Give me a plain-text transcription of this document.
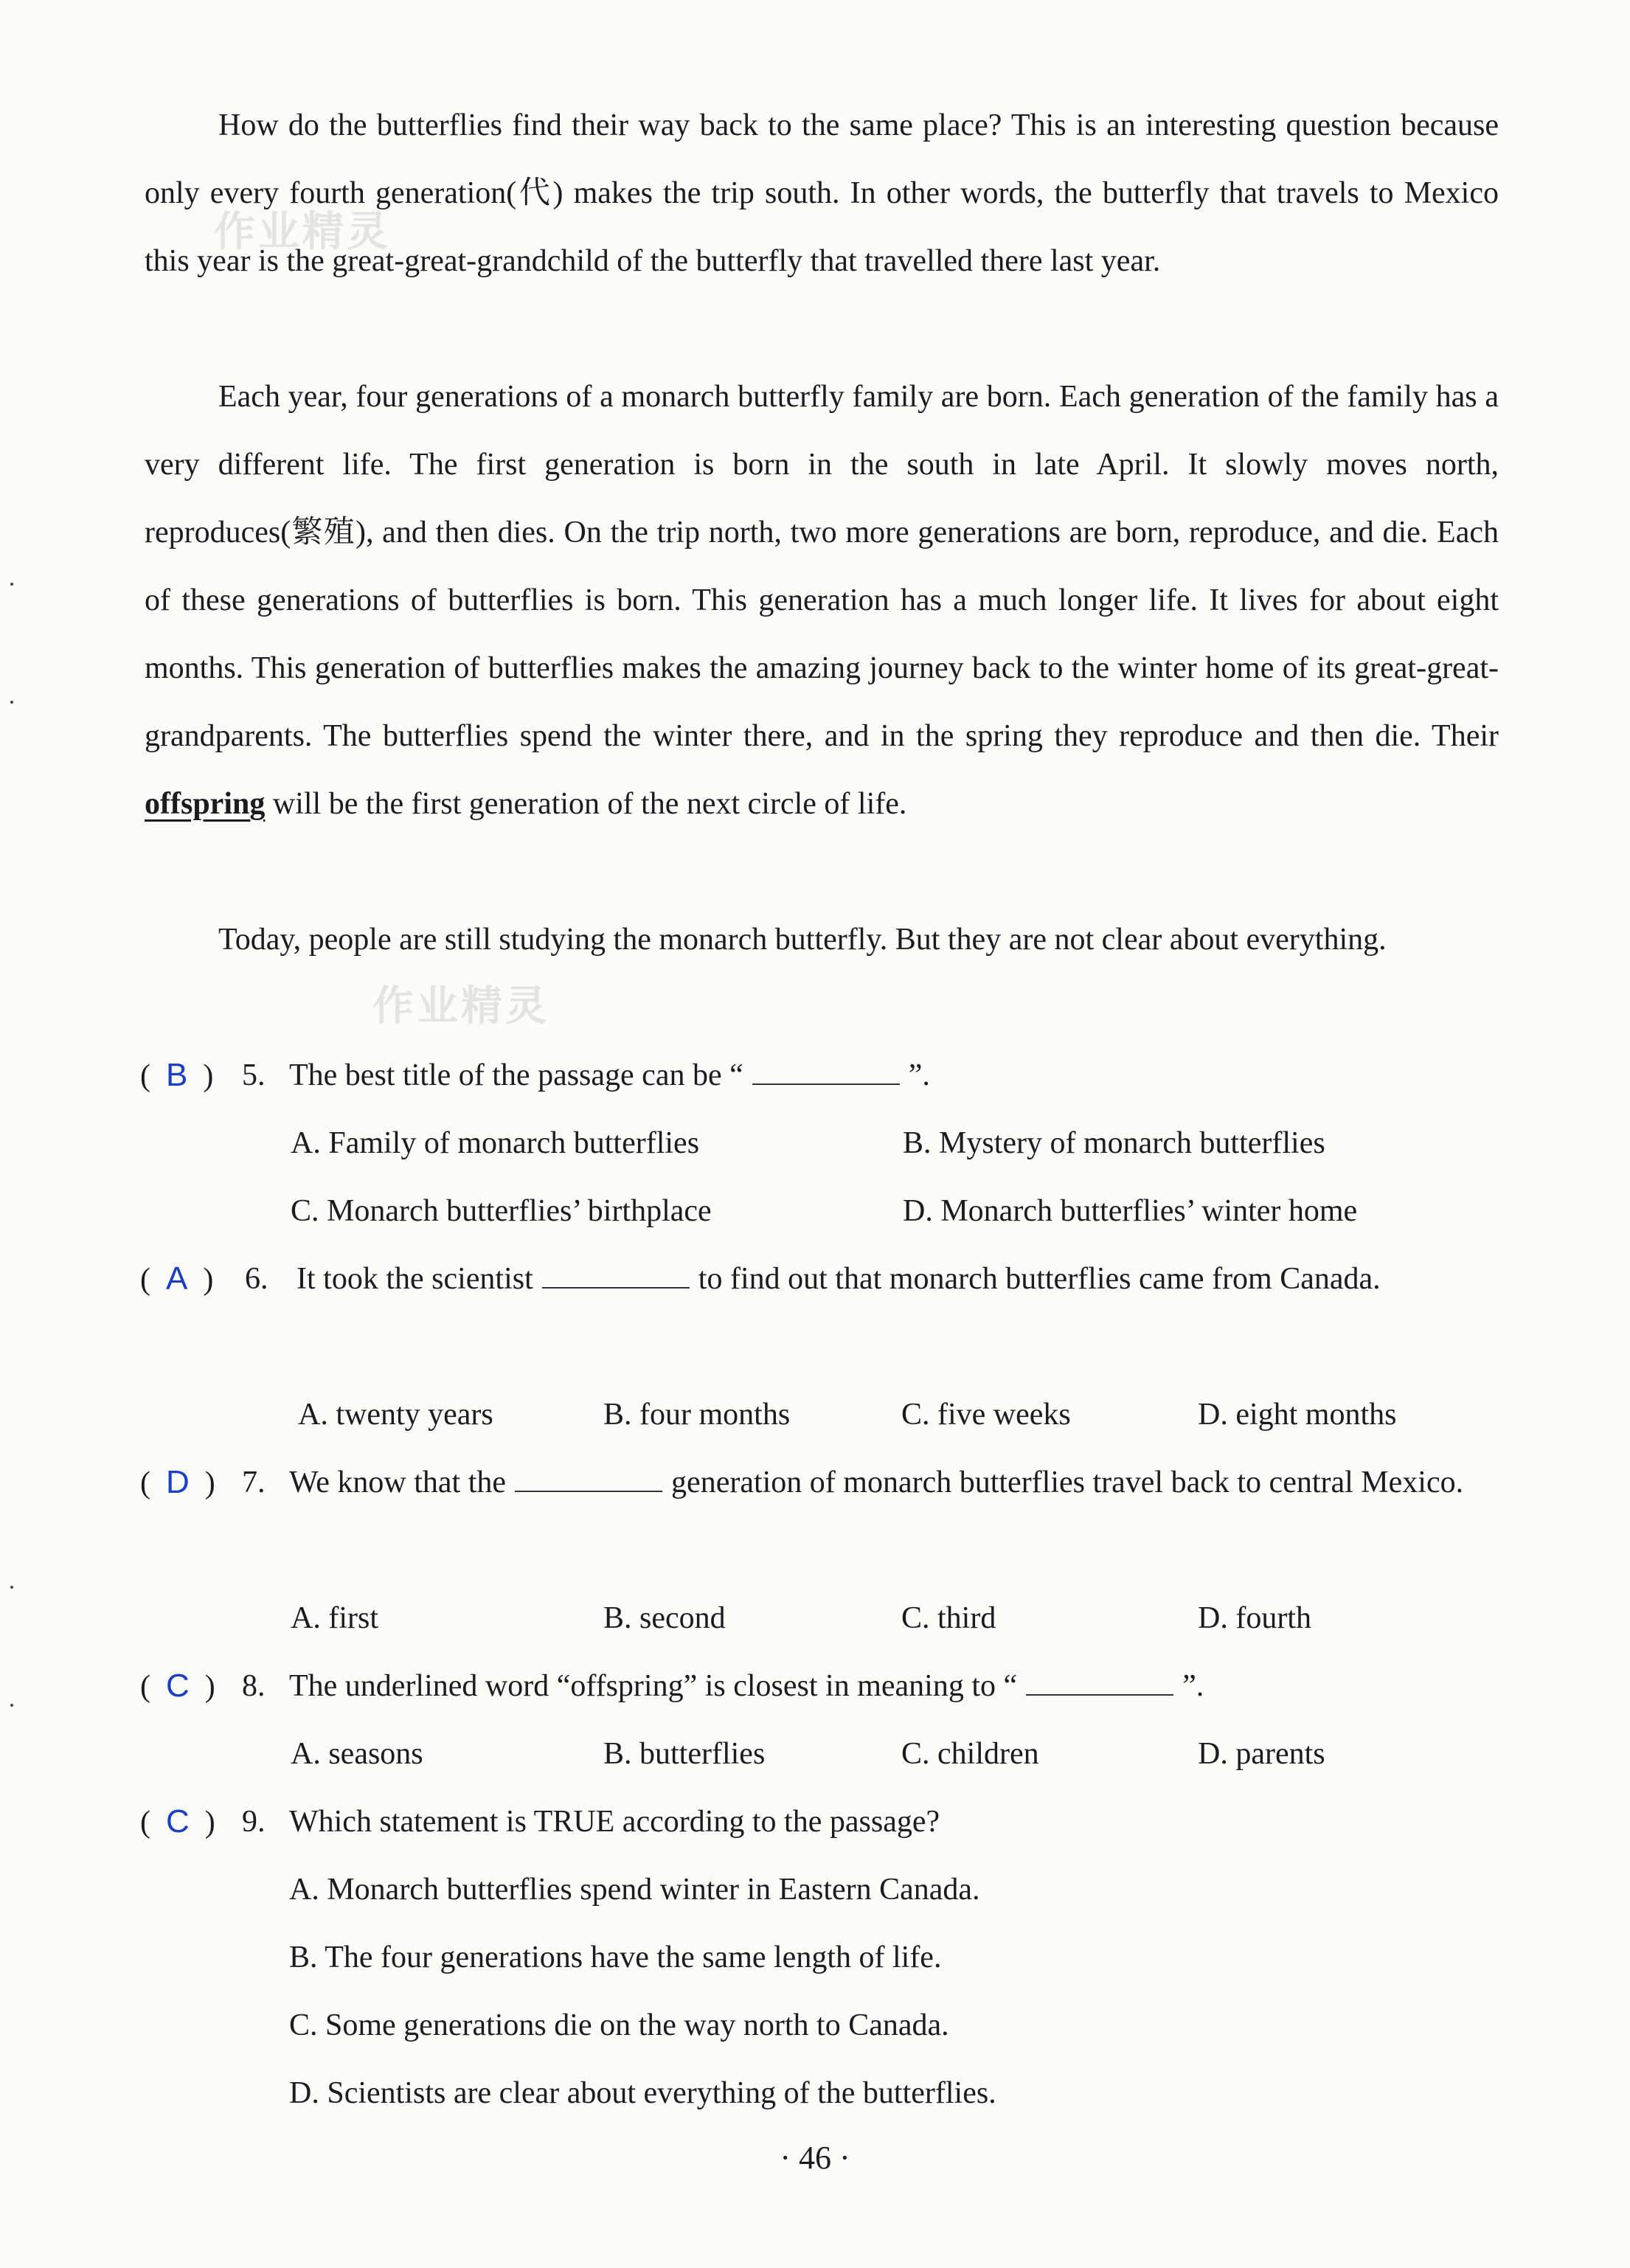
作业精灵
作业精灵

How do the butterflies find their way back to the same place? This is an interesting question because only every fourth generation(代) makes the trip south. In other words, the butterfly that travels to Mexico this year is the great-great-grandchild of the butterfly that travelled there last year.

Each year, four generations of a monarch butterfly family are born. Each generation of the family has a very different life. The first generation is born in the south in late April. It slowly moves north, reproduces(繁殖), and then dies. On the trip north, two more generations are born, reproduce, and die. Each of these generations of butterflies is born. This generation has a much longer life. It lives for about eight months. This generation of butterflies makes the amazing journey back to the winter home of its great-great-grandparents. The butterflies spend the winter there, and in the spring they reproduce and then die. Their offspring will be the first generation of the next circle of life.

Today, people are still studying the monarch butterfly. But they are not clear about everything.

(  B  ) 5. The best title of the passage can be “	”.
A. Family of monarch butterflies	B. Mystery of monarch butterflies
C. Monarch butterflies’ birthplace	D. Monarch butterflies’ winter home
(  A  ) 6. It took the scientist	to find out that monarch butterflies came from Canada.
A. twenty years	B. four months	C. five weeks	D. eight months
(  D  ) 7. We know that the	generation of monarch butterflies travel back to central Mexico.
A. first	B. second	C. third	D. fourth
(  C  ) 8. The underlined word “offspring” is closest in meaning to “	”.
A. seasons	B. butterflies	C. children	D. parents
(  C  ) 9. Which statement is TRUE according to the passage?
A. Monarch butterflies spend winter in Eastern Canada.
B. The four generations have the same length of life.
C. Some generations die on the way north to Canada.
D. Scientists are clear about everything of the butterflies.
· 46 ·
